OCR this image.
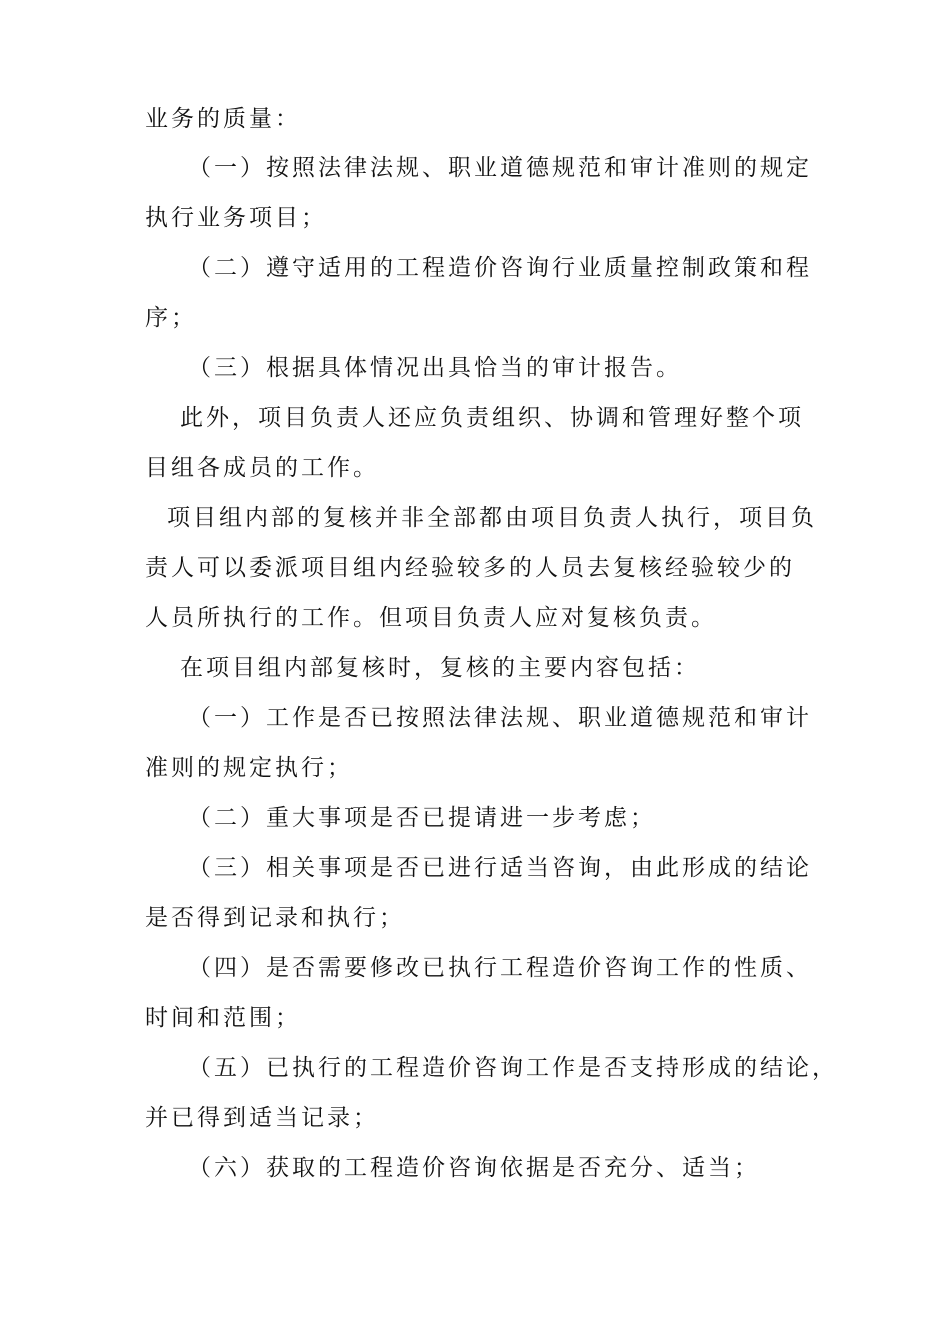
业务的质量：
（一）按照法律法规、职业道德规范和审计准则的规定
执行业务项目；
（二）遵守适用的工程造价咨询行业质量控制政策和程
序；
（三）根据具体情况出具恰当的审计报告。
此外，项目负责人还应负责组织、协调和管理好整个项
目组各成员的工作。
项目组内部的复核并非全部都由项目负责人执行，项目负
责人可以委派项目组内经验较多的人员去复核经验较少的
人员所执行的工作。但项目负责人应对复核负责。
在项目组内部复核时，复核的主要内容包括：
（一）工作是否已按照法律法规、职业道德规范和审计
准则的规定执行；
（二）重大事项是否已提请进一步考虑；
（三）相关事项是否已进行适当咨询，由此形成的结论
是否得到记录和执行；
（四）是否需要修改已执行工程造价咨询工作的性质、
时间和范围；
（五）已执行的工程造价咨询工作是否支持形成的结论，
并已得到适当记录；
（六）获取的工程造价咨询依据是否充分、适当；
